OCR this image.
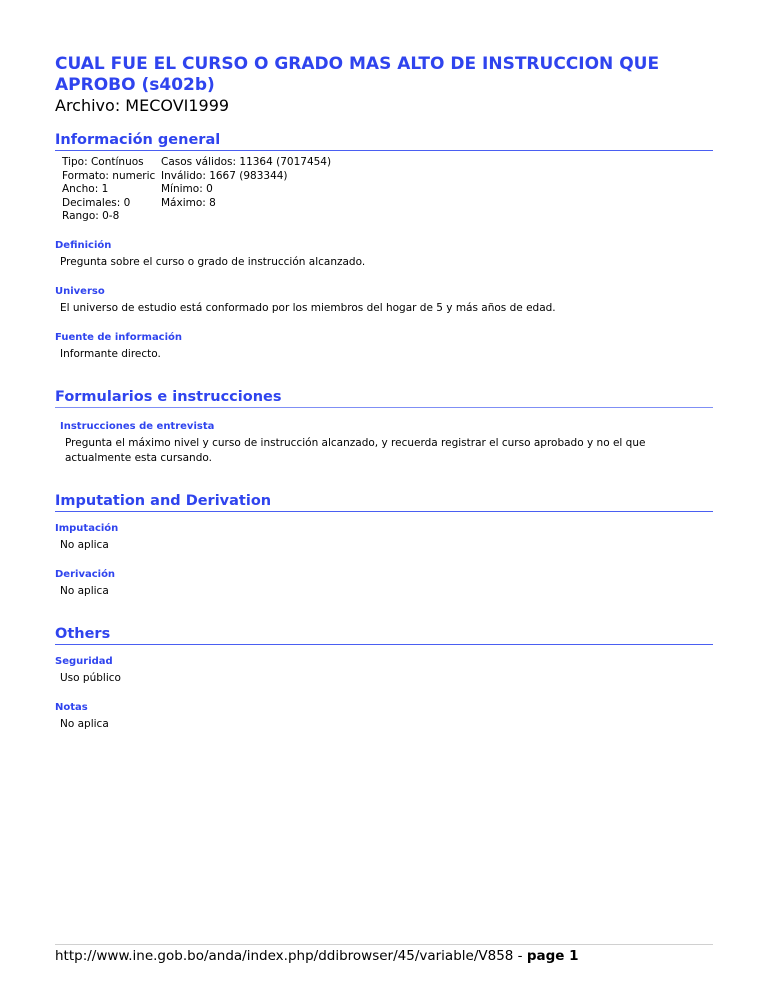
CUAL FUE EL CURSO O GRADO MAS ALTO DE INSTRUCCION QUE APROBO (s402b)
Archivo: MECOVI1999
Información general
Tipo: Contínuos
Formato: numeric
Ancho: 1
Decimales: 0
Rango: 0-8
Casos válidos: 11364 (7017454)
Inválido: 1667 (983344)
Mínimo: 0
Máximo: 8
Definición

Pregunta sobre el curso o grado de instrucción alcanzado.

Universo

El universo de estudio está conformado por los miembros del hogar de 5 y más años de edad.

Fuente de información

Informante directo.

Formularios e instrucciones
Instrucciones de entrevista

Pregunta el máximo nivel y curso de instrucción alcanzado, y recuerda registrar el curso aprobado y no el que actualmente esta cursando.

Imputation and Derivation
Imputación

No aplica

Derivación

No aplica

Others
Seguridad

Uso público

Notas

No aplica

http://www.ine.gob.bo/anda/index.php/ddibrowser/45/variable/V858 - page 1
